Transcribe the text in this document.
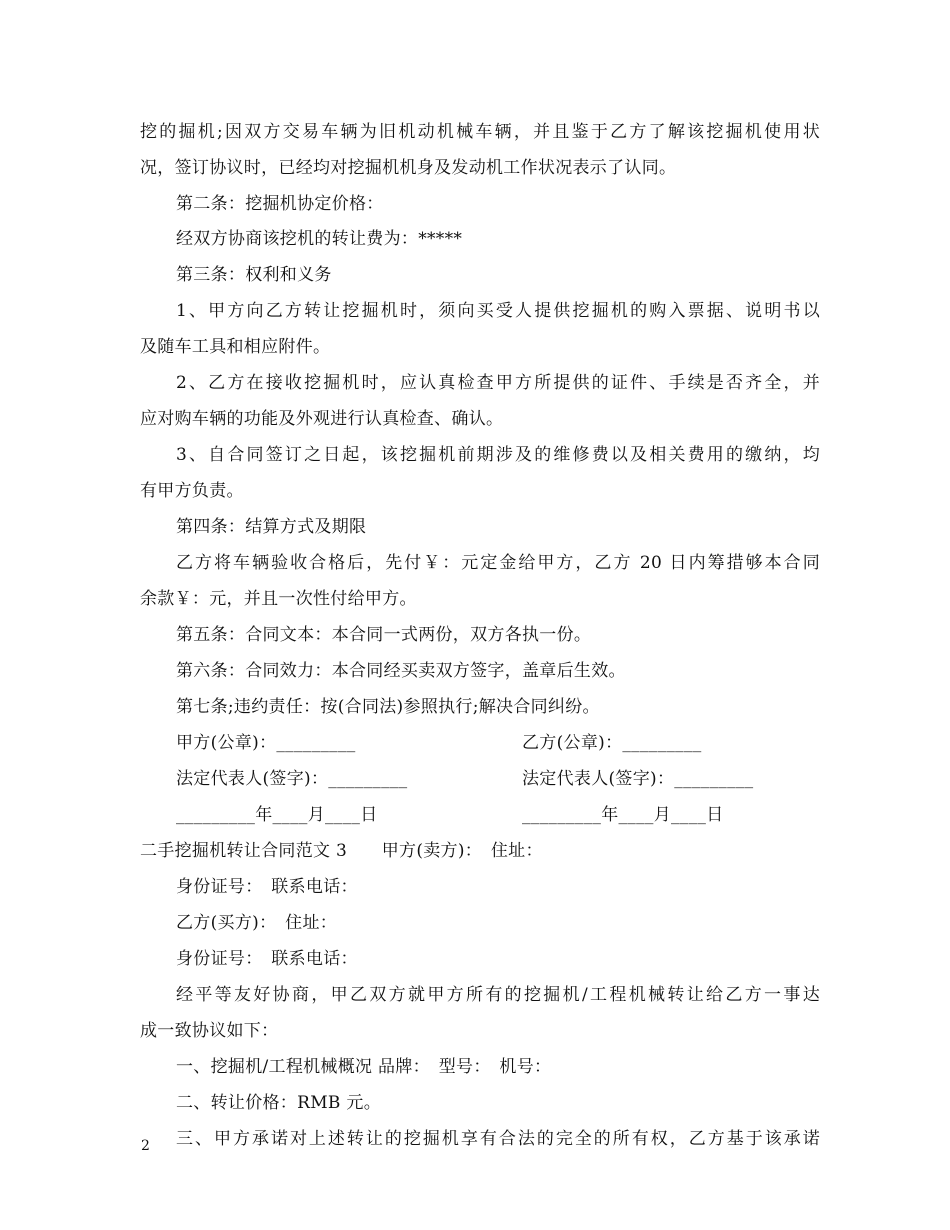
挖的掘机;因双方交易车辆为旧机动机械车辆，并且鉴于乙方了解该挖掘机使用状
况，签订协议时，已经均对挖掘机机身及发动机工作状况表示了认同。
第二条：挖掘机协定价格：
经双方协商该挖机的转让费为：*****
第三条：权利和义务
1、甲方向乙方转让挖掘机时，须向买受人提供挖掘机的购入票据、说明书以
及随车工具和相应附件。
2、乙方在接收挖掘机时，应认真检查甲方所提供的证件、手续是否齐全，并
应对购车辆的功能及外观进行认真检查、确认。
3、自合同签订之日起，该挖掘机前期涉及的维修费以及相关费用的缴纳，均
有甲方负责。
第四条：结算方式及期限
乙方将车辆验收合格后，先付￥：元定金给甲方，乙方 20 日内筹措够本合同
余款￥：元，并且一次性付给甲方。
第五条：合同文本：本合同一式两份，双方各执一份。
第六条：合同效力：本合同经买卖双方签字，盖章后生效。
第七条;违约责任：按(合同法)参照执行;解决合同纠纷。
甲方(公章)：_________	乙方(公章)：_________
法定代表人(签字)：_________	法定代表人(签字)：_________
_________年____月____日	_________年____月____日
二手挖掘机转让合同范文 3　　甲方(卖方)：　住址：
身份证号：　联系电话：
乙方(买方)：　住址：
身份证号：　联系电话：
经平等友好协商，甲乙双方就甲方所有的挖掘机/工程机械转让给乙方一事达
成一致协议如下：
一、挖掘机/工程机械概况 品牌：　型号：　机号：
二、转让价格：RMB 元。
三、甲方承诺对上述转让的挖掘机享有合法的完全的所有权，乙方基于该承诺
2
